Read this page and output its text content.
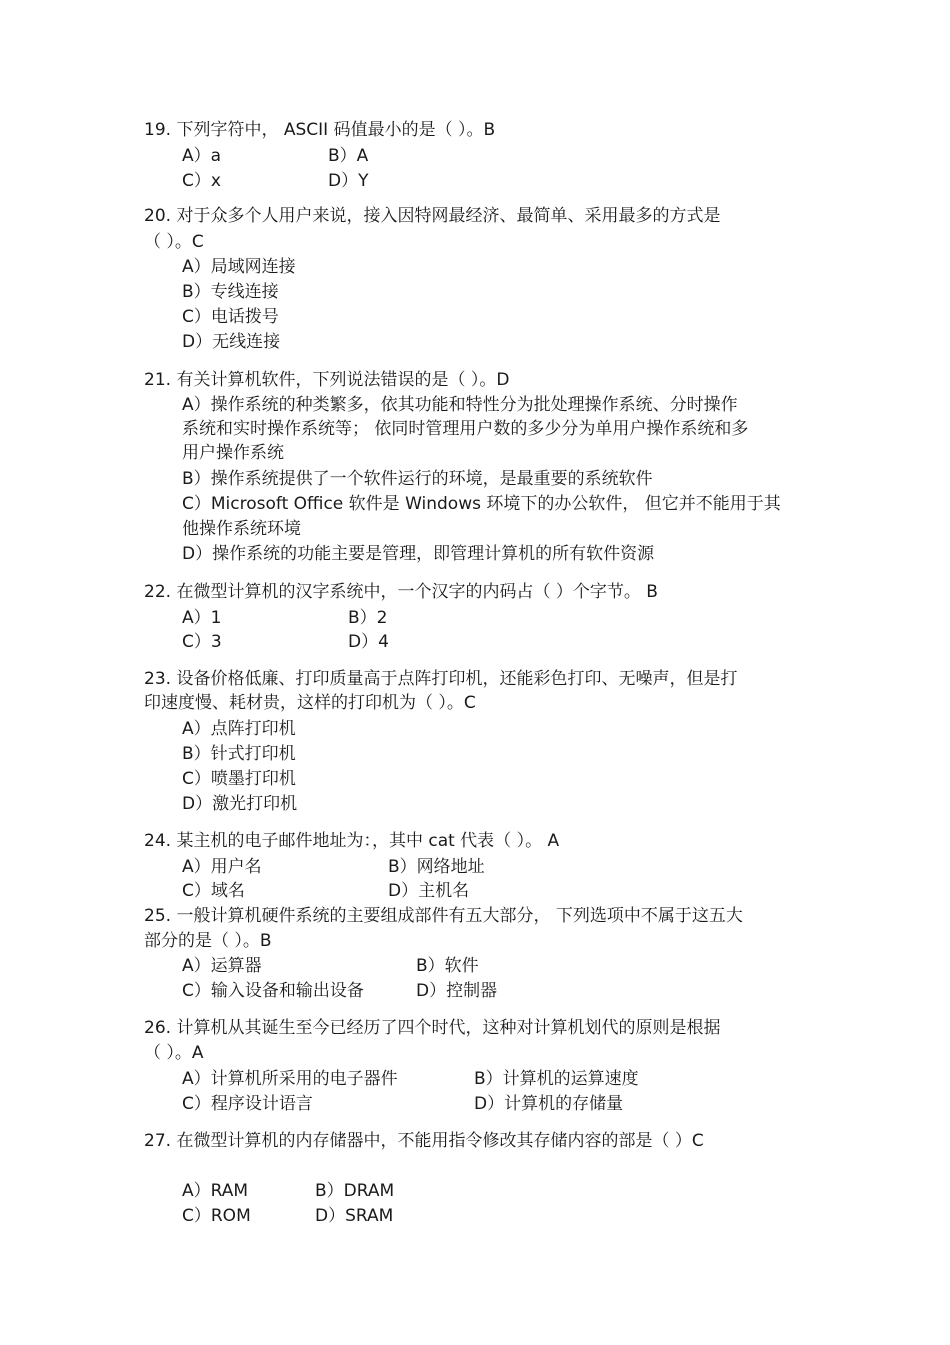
19. 下列字符中， ASCII 码值最小的是（ ）。B
A）a	B）A
C）x	D）Y
20. 对于众多个人用户来说，接入因特网最经济、最简单、采用最多的方式是
（ ）。C
A）局域网连接
B）专线连接
C）电话拨号
D）无线连接
21. 有关计算机软件，下列说法错误的是（ ）。D
A）操作系统的种类繁多，依其功能和特性分为批处理操作系统、分时操作
系统和实时操作系统等； 依同时管理用户数的多少分为单用户操作系统和多
用户操作系统
B）操作系统提供了一个软件运行的环境，是最重要的系统软件
C）Microsoft Office 软件是 Windows 环境下的办公软件， 但它并不能用于其
他操作系统环境
D）操作系统的功能主要是管理，即管理计算机的所有软件资源
22. 在微型计算机的汉字系统中，一个汉字的内码占（ ）个字节。 B
A）1	B）2
C）3	D）4
23. 设备价格低廉、打印质量高于点阵打印机，还能彩色打印、无噪声，但是打
印速度慢、耗材贵，这样的打印机为（ ）。C
A）点阵打印机
B）针式打印机
C）喷墨打印机
D）激光打印机
24. 某主机的电子邮件地址为：，其中 cat 代表（ ）。 A
A）用户名	B）网络地址
C）域名	D）主机名
25. 一般计算机硬件系统的主要组成部件有五大部分， 下列选项中不属于这五大
部分的是（ ）。B
A）运算器	B）软件
C）输入设备和输出设备	D）控制器
26. 计算机从其诞生至今已经历了四个时代，这种对计算机划代的原则是根据
（ ）。A
A）计算机所采用的电子器件	B）计算机的运算速度
C）程序设计语言	D）计算机的存储量
27. 在微型计算机的内存储器中，不能用指令修改其存储内容的部是（ ）C
A）RAM	B）DRAM
C）ROM	D）SRAM
